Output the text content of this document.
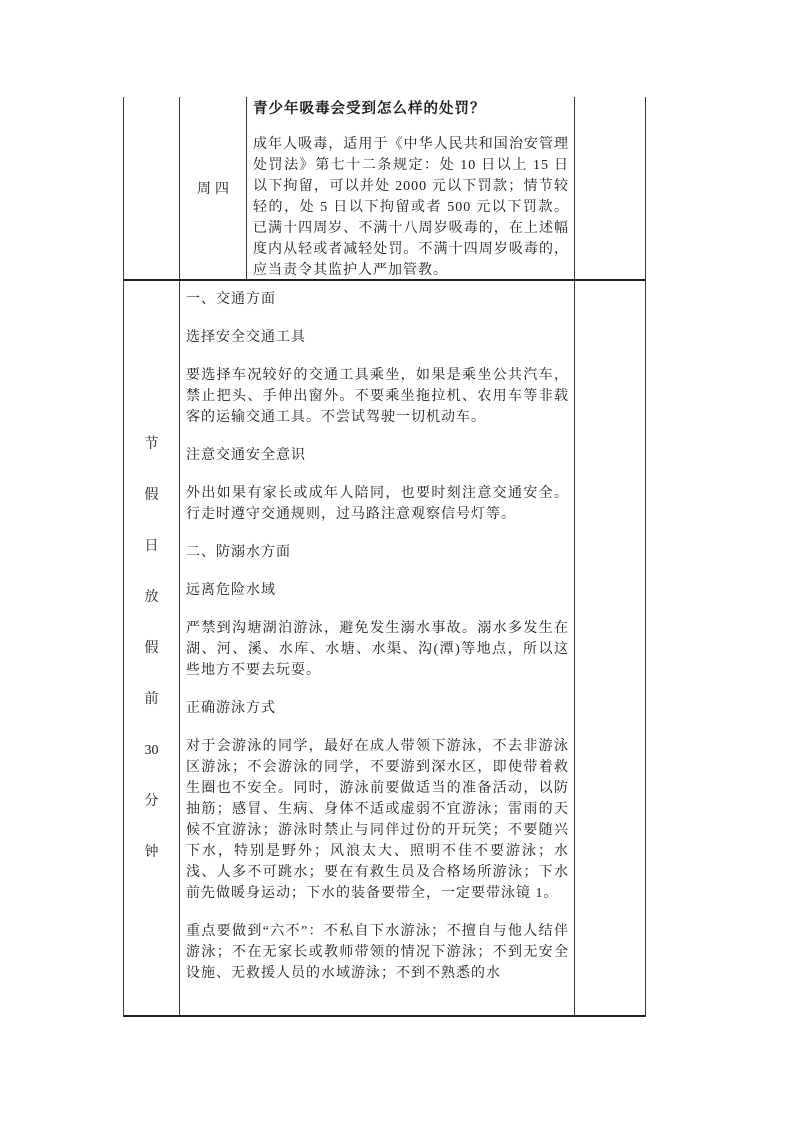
周四
青少年吸毒会受到怎么样的处罚？

成年人吸毒，适用于《中华人民共和国治安管理处罚法》第七十二条规定：处 10 日以上 15 日以下拘留，可以并处 2000 元以下罚款；情节较轻的，处 5 日以下拘留或者 500 元以下罚款。已满十四周岁、不满十八周岁吸毒的，在上述幅度内从轻或者减轻处罚。不满十四周岁吸毒的，应当责令其监护人严加管教。

节
假
日
放
假
前
30
分
钟

一、交通方面

选择安全交通工具

要选择车况较好的交通工具乘坐，如果是乘坐公共汽车，禁止把头、手伸出窗外。不要乘坐拖拉机、农用车等非载客的运输交通工具。不尝试驾驶一切机动车。

注意交通安全意识

外出如果有家长或成年人陪同，也要时刻注意交通安全。行走时遵守交通规则，过马路注意观察信号灯等。

二、防溺水方面

远离危险水域

严禁到沟塘湖泊游泳，避免发生溺水事故。溺水多发生在湖、河、溪、水库、水塘、水渠、沟(潭)等地点，所以这些地方不要去玩耍。

正确游泳方式

对于会游泳的同学，最好在成人带领下游泳，不去非游泳区游泳；不会游泳的同学，不要游到深水区，即使带着救生圈也不安全。同时，游泳前要做适当的准备活动，以防抽筋；感冒、生病、身体不适或虚弱不宜游泳；雷雨的天候不宜游泳；游泳时禁止与同伴过份的开玩笑；不要随兴下水，特别是野外；风浪太大、照明不佳不要游泳；水浅、人多不可跳水；要在有救生员及合格场所游泳；下水前先做暖身运动；下水的装备要带全，一定要带泳镜 1。

重点要做到“六不”：不私自下水游泳；不擅自与他人结伴游泳；不在无家长或教师带领的情况下游泳；不到无安全设施、无救援人员的水域游泳；不到不熟悉的水
